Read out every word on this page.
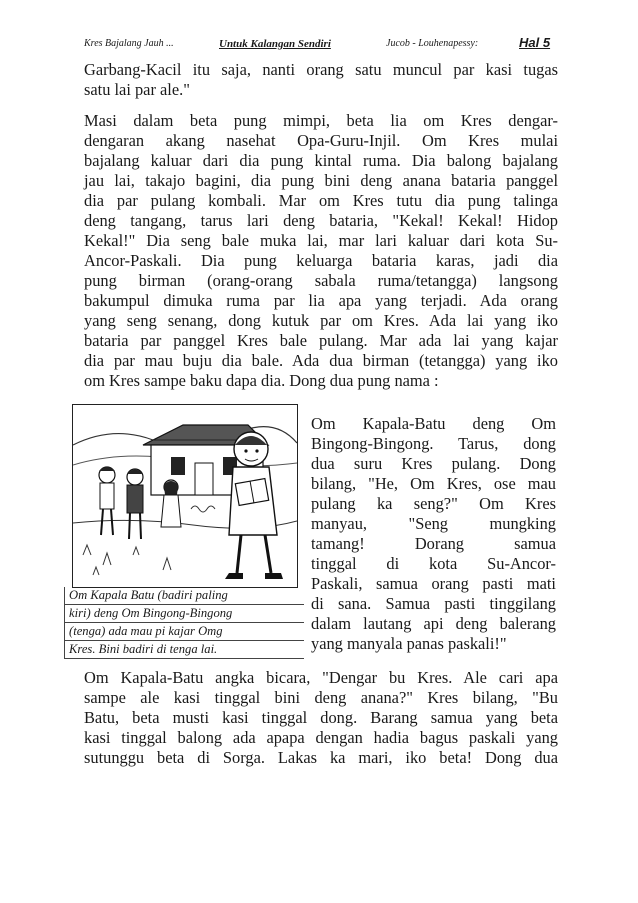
Kres Bajalang Jauh ...	Untuk Kalangan Sendiri	Jucob - Louhenapessy:	Hal 5
Garbang-Kacil itu saja, nanti orang satu muncul par kasi tugas
satu lai par ale."
Masi dalam beta pung mimpi, beta lia om Kres dengar-
dengaran akang nasehat Opa-Guru-Injil. Om Kres mulai
bajalang kaluar dari dia pung kintal ruma. Dia balong bajalang
jau lai, takajo bagini, dia pung bini deng anana bataria panggel
dia par pulang kombali. Mar om Kres tutu dia pung talinga
deng tangang, tarus lari deng bataria, "Kekal! Kekal! Hidop
Kekal!" Dia seng bale muka lai, mar lari kaluar dari kota Su-
Ancor-Paskali. Dia pung keluarga bataria karas, jadi dia
pung birman (orang-orang sabala ruma/tetangga) langsong
bakumpul dimuka ruma par lia apa yang terjadi. Ada orang
yang seng senang, dong kutuk par om Kres. Ada lai yang iko
bataria par panggel Kres bale pulang. Mar ada lai yang kajar
dia par mau buju dia bale. Ada dua birman (tetangga) yang iko
om Kres sampe baku dapa dia. Dong dua pung nama :
Om Kapala-Batu deng Om
Bingong-Bingong. Tarus, dong
dua suru Kres pulang. Dong
bilang, "He, Om Kres, ose mau
pulang ka seng?" Om Kres
manyau, "Seng mungking
tamang! Dorang samua
tinggal di kota Su-Ancor-
Paskali, samua orang pasti mati
di sana. Samua pasti tinggilang
dalam lautang api deng balerang
yang manyala panas paskali!"
Om Kapala-Batu angka bicara, "Dengar bu Kres. Ale cari apa
sampe ale kasi tinggal bini deng anana?" Kres bilang, "Bu
Batu, beta musti kasi tinggal dong. Barang samua yang beta
kasi tinggal balong ada apapa dengan hadia bagus paskali yang
sutunggu beta di Sorga. Lakas ka mari, iko beta! Dong dua
Om Kapala Batu (badiri paling
kiri) deng Om Bingong-Bingong
(tenga) ada mau pi kajar Omg
Kres. Bini badiri di tenga lai.
